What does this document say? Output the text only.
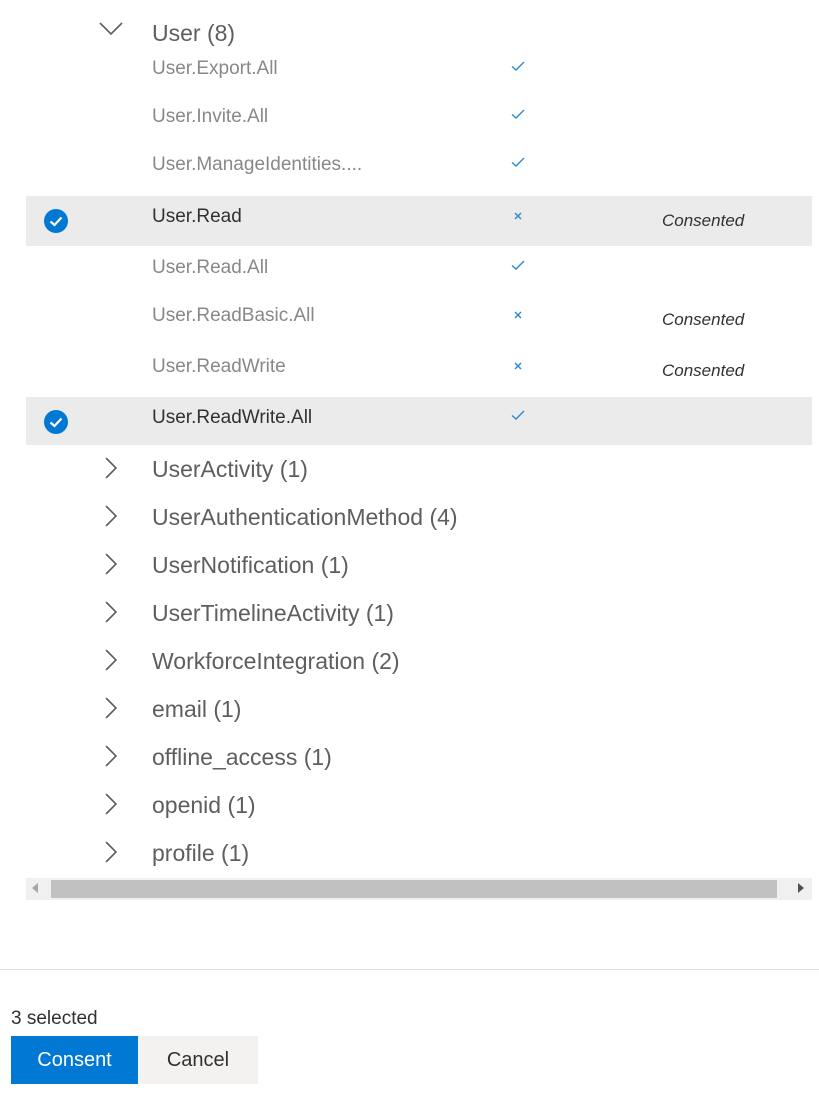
User (8)
User.Export.All
User.Invite.All
User.ManageIdentities....
User.Read	Consented
User.Read.All
User.ReadBasic.All	Consented
User.ReadWrite	Consented
User.ReadWrite.All
UserActivity (1)
UserAuthenticationMethod (4)
UserNotification (1)
UserTimelineActivity (1)
WorkforceIntegration (2)
email (1)
offline_access (1)
openid (1)
profile (1)
3 selected
Consent	Cancel
